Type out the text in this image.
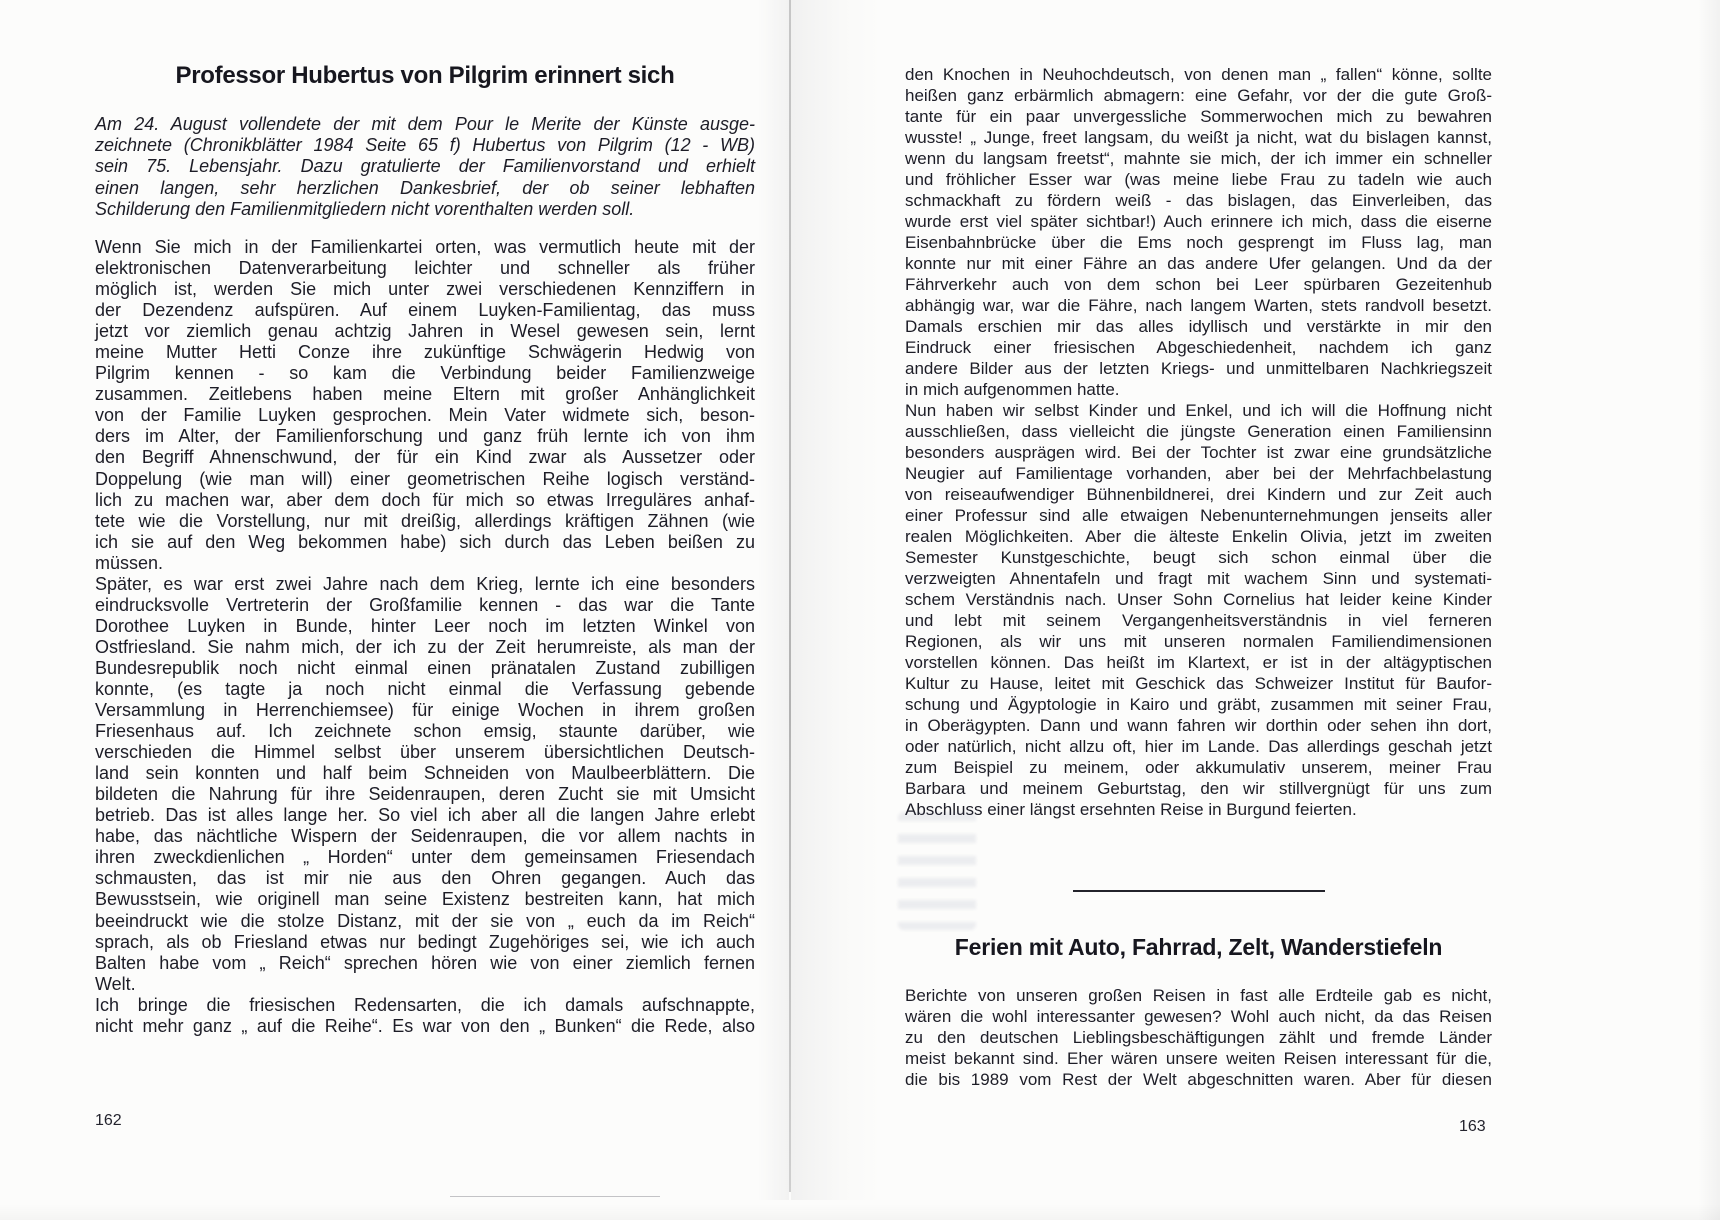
Professor Hubertus von Pilgrim erinnert sich
Am 24. August vollendete der mit dem Pour le Merite der Künste ausge-
zeichnete (Chronikblätter 1984 Seite 65 f) Hubertus von Pilgrim (12 - WB)
sein 75. Lebensjahr. Dazu gratulierte der Familienvorstand und erhielt
einen langen, sehr herzlichen Dankesbrief, der ob seiner lebhaften
Schilderung den Familienmitgliedern nicht vorenthalten werden soll.
Wenn Sie mich in der Familienkartei orten, was vermutlich heute mit der
elektronischen Datenverarbeitung leichter und schneller als früher
möglich ist, werden Sie mich unter zwei verschiedenen Kennziffern in
der Dezendenz aufspüren. Auf einem Luyken-Familientag, das muss
jetzt vor ziemlich genau achtzig Jahren in Wesel gewesen sein, lernt
meine Mutter Hetti Conze ihre zukünftige Schwägerin Hedwig von
Pilgrim kennen - so kam die Verbindung beider Familienzweige
zusammen. Zeitlebens haben meine Eltern mit großer Anhänglichkeit
von der Familie Luyken gesprochen. Mein Vater widmete sich, beson-
ders im Alter, der Familienforschung und ganz früh lernte ich von ihm
den Begriff Ahnenschwund, der für ein Kind zwar als Aussetzer oder
Doppelung (wie man will) einer geometrischen Reihe logisch verständ-
lich zu machen war, aber dem doch für mich so etwas Irreguläres anhaf-
tete wie die Vorstellung, nur mit dreißig, allerdings kräftigen Zähnen (wie
ich sie auf den Weg bekommen habe) sich durch das Leben beißen zu
müssen.
Später, es war erst zwei Jahre nach dem Krieg, lernte ich eine besonders
eindrucksvolle Vertreterin der Großfamilie kennen - das war die Tante
Dorothee Luyken in Bunde, hinter Leer noch im letzten Winkel von
Ostfriesland. Sie nahm mich, der ich zu der Zeit herumreiste, als man der
Bundesrepublik noch nicht einmal einen pränatalen Zustand zubilligen
konnte, (es tagte ja noch nicht einmal die Verfassung gebende
Versammlung in Herrenchiemsee) für einige Wochen in ihrem großen
Friesenhaus auf. Ich zeichnete schon emsig, staunte darüber, wie
verschieden die Himmel selbst über unserem übersichtlichen Deutsch-
land sein konnten und half beim Schneiden von Maulbeerblättern. Die
bildeten die Nahrung für ihre Seidenraupen, deren Zucht sie mit Umsicht
betrieb. Das ist alles lange her. So viel ich aber all die langen Jahre erlebt
habe, das nächtliche Wispern der Seidenraupen, die vor allem nachts in
ihren zweckdienlichen „ Horden“ unter dem gemeinsamen Friesendach
schmausten, das ist mir nie aus den Ohren gegangen. Auch das
Bewusstsein, wie originell man seine Existenz bestreiten kann, hat mich
beeindruckt wie die stolze Distanz, mit der sie von „ euch da im Reich“
sprach, als ob Friesland etwas nur bedingt Zugehöriges sei, wie ich auch
Balten habe vom „ Reich“ sprechen hören wie von einer ziemlich fernen
Welt.
Ich bringe die friesischen Redensarten, die ich damals aufschnappte,
nicht mehr ganz „ auf die Reihe“. Es war von den „ Bunken“ die Rede, also
den Knochen in Neuhochdeutsch, von denen man „ fallen“ könne, sollte
heißen ganz erbärmlich abmagern: eine Gefahr, vor der die gute Groß-
tante für ein paar unvergessliche Sommerwochen mich zu bewahren
wusste! „ Junge, freet langsam, du weißt ja nicht, wat du bislagen kannst,
wenn du langsam freetst“, mahnte sie mich, der ich immer ein schneller
und fröhlicher Esser war (was meine liebe Frau zu tadeln wie auch
schmackhaft zu fördern weiß - das bislagen, das Einverleiben, das
wurde erst viel später sichtbar!) Auch erinnere ich mich, dass die eiserne
Eisenbahnbrücke über die Ems noch gesprengt im Fluss lag, man
konnte nur mit einer Fähre an das andere Ufer gelangen. Und da der
Fährverkehr auch von dem schon bei Leer spürbaren Gezeitenhub
abhängig war, war die Fähre, nach langem Warten, stets randvoll besetzt.
Damals erschien mir das alles idyllisch und verstärkte in mir den
Eindruck einer friesischen Abgeschiedenheit, nachdem ich ganz
andere Bilder aus der letzten Kriegs- und unmittelbaren Nachkriegszeit
in mich aufgenommen hatte.
Nun haben wir selbst Kinder und Enkel, und ich will die Hoffnung nicht
ausschließen, dass vielleicht die jüngste Generation einen Familiensinn
besonders ausprägen wird. Bei der Tochter ist zwar eine grundsätzliche
Neugier auf Familientage vorhanden, aber bei der Mehrfachbelastung
von reiseaufwendiger Bühnenbildnerei, drei Kindern und zur Zeit auch
einer Professur sind alle etwaigen Nebenunternehmungen jenseits aller
realen Möglichkeiten. Aber die älteste Enkelin Olivia, jetzt im zweiten
Semester Kunstgeschichte, beugt sich schon einmal über die
verzweigten Ahnentafeln und fragt mit wachem Sinn und systemati-
schem Verständnis nach. Unser Sohn Cornelius hat leider keine Kinder
und lebt mit seinem Vergangenheitsverständnis in viel ferneren
Regionen, als wir uns mit unseren normalen Familiendimensionen
vorstellen können. Das heißt im Klartext, er ist in der altägyptischen
Kultur zu Hause, leitet mit Geschick das Schweizer Institut für Baufor-
schung und Ägyptologie in Kairo und gräbt, zusammen mit seiner Frau,
in Oberägypten. Dann und wann fahren wir dorthin oder sehen ihn dort,
oder natürlich, nicht allzu oft, hier im Lande. Das allerdings geschah jetzt
zum Beispiel zu meinem, oder akkumulativ unserem, meiner Frau
Barbara und meinem Geburtstag, den wir stillvergnügt für uns zum
Abschluss einer längst ersehnten Reise in Burgund feierten.
Ferien mit Auto, Fahrrad, Zelt, Wanderstiefeln
Berichte von unseren großen Reisen in fast alle Erdteile gab es nicht,
wären die wohl interessanter gewesen? Wohl auch nicht, da das Reisen
zu den deutschen Lieblingsbeschäftigungen zählt und fremde Länder
meist bekannt sind. Eher wären unsere weiten Reisen interessant für die,
die bis 1989 vom Rest der Welt abgeschnitten waren. Aber für diesen
162	163
